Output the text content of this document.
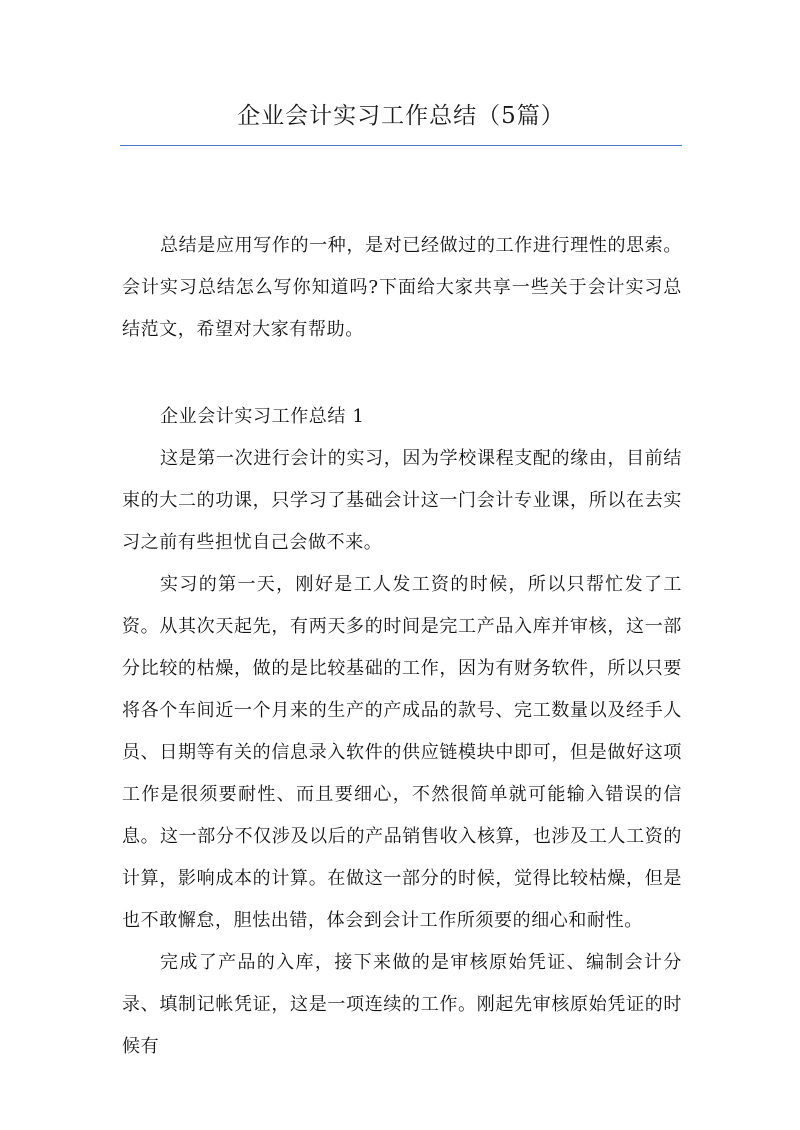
企业会计实习工作总结（5篇）

总结是应用写作的一种，是对已经做过的工作进行理性的思索。会计实习总结怎么写你知道吗?下面给大家共享一些关于会计实习总结范文，希望对大家有帮助。

企业会计实习工作总结 1

这是第一次进行会计的实习，因为学校课程支配的缘由，目前结束的大二的功课，只学习了基础会计这一门会计专业课，所以在去实习之前有些担忧自己会做不来。

实习的第一天，刚好是工人发工资的时候，所以只帮忙发了工资。从其次天起先，有两天多的时间是完工产品入库并审核，这一部分比较的枯燥，做的是比较基础的工作，因为有财务软件，所以只要将各个车间近一个月来的生产的产成品的款号、完工数量以及经手人员、日期等有关的信息录入软件的供应链模块中即可，但是做好这项工作是很须要耐性、而且要细心，不然很简单就可能输入错误的信息。 这一部分不仅涉及以后的产品销售收入核算，也涉及工人工资的计算，影响成本的计算。在做这一部分的时候，觉得比较枯燥，但是也不敢懈怠，胆怯出错，体会到会计工作所须要的细心和耐性。

完成了产品的入库，接下来做的是审核原始凭证、编制会计分录、填制记帐凭证，这是一项连续的工作。刚起先审核原始凭证的时候有
